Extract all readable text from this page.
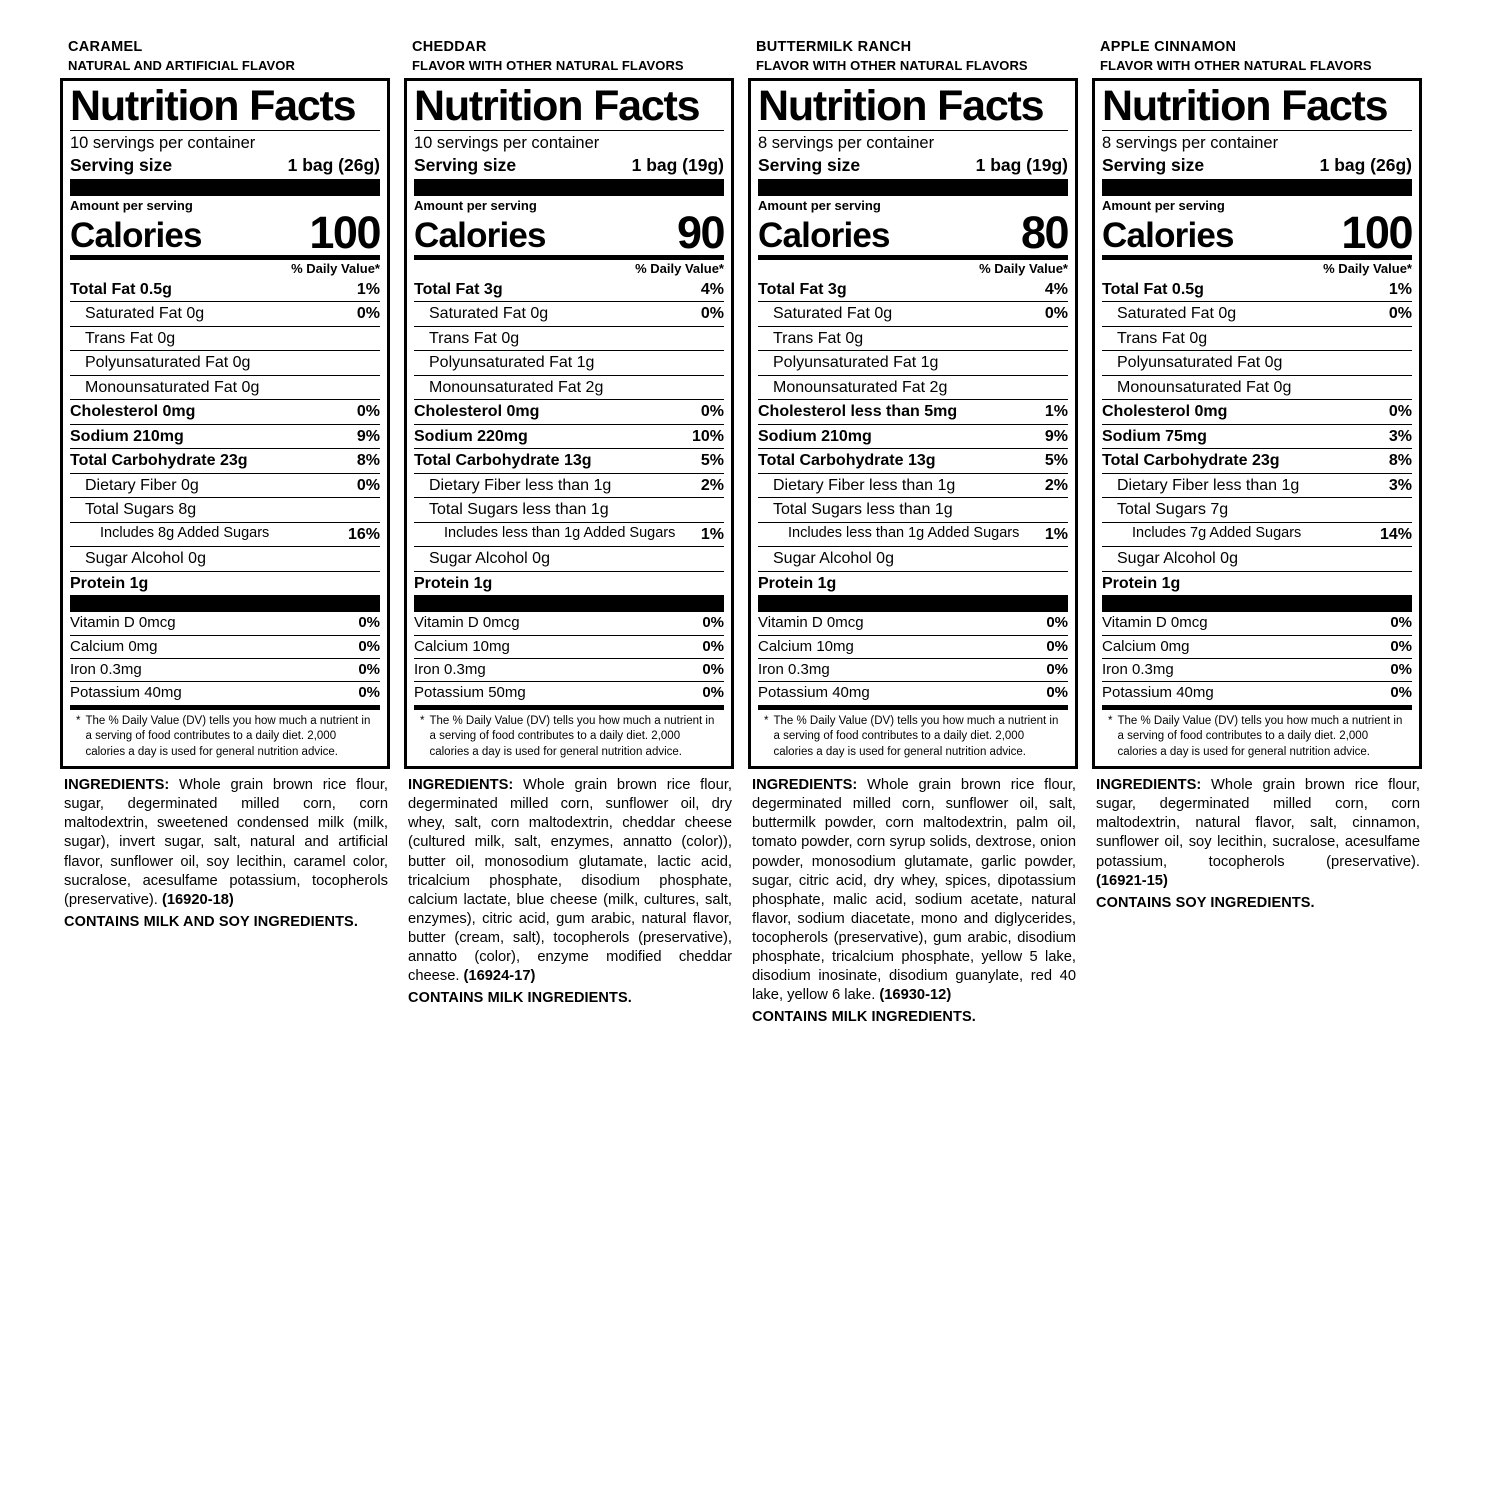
CARAMEL
NATURAL AND ARTIFICIAL FLAVOR
Nutrition Facts
10 servings per container
Serving size	1 bag (26g)
Amount per serving
Calories 100
% Daily Value*
Total Fat 0.5g	1%
Saturated Fat 0g	0%
Trans Fat 0g
Polyunsaturated Fat 0g
Monounsaturated Fat 0g
Cholesterol 0mg	0%
Sodium 210mg	9%
Total Carbohydrate 23g	8%
Dietary Fiber 0g	0%
Total Sugars 8g
Includes 8g Added Sugars	16%
Sugar Alcohol 0g
Protein 1g
Vitamin D 0mcg	0%
Calcium 0mg	0%
Iron 0.3mg	0%
Potassium 40mg	0%
* The % Daily Value (DV) tells you how much a nutrient in a serving of food contributes to a daily diet. 2,000 calories a day is used for general nutrition advice.
INGREDIENTS: Whole grain brown rice flour, sugar, degerminated milled corn, corn maltodextrin, sweetened condensed milk (milk, sugar), invert sugar, salt, natural and artificial flavor, sunflower oil, soy lecithin, caramel color, sucralose, acesulfame potassium, tocopherols (preservative). (16920-18)
CONTAINS MILK AND SOY INGREDIENTS.
CHEDDAR
FLAVOR WITH OTHER NATURAL FLAVORS
Nutrition Facts
10 servings per container
Serving size	1 bag (19g)
Amount per serving
Calories	90
% Daily Value*
Total Fat 3g	4%
Saturated Fat 0g	0%
Trans Fat 0g
Polyunsaturated Fat 1g
Monounsaturated Fat 2g
Cholesterol 0mg	0%
Sodium 220mg	10%
Total Carbohydrate 13g	5%
Dietary Fiber less than 1g	2%
Total Sugars less than 1g
Includes less than 1g Added Sugars	1%
Sugar Alcohol 0g
Protein 1g
Vitamin D 0mcg	0%
Calcium 10mg	0%
Iron 0.3mg	0%
Potassium 50mg	0%
* The % Daily Value (DV) tells you how much a nutrient in a serving of food contributes to a daily diet. 2,000 calories a day is used for general nutrition advice.
INGREDIENTS: Whole grain brown rice flour, degerminated milled corn, sunflower oil, dry whey, salt, corn maltodextrin, cheddar cheese (cultured milk, salt, enzymes, annatto (color)), butter oil, monosodium glutamate, lactic acid, tricalcium phosphate, disodium phosphate, calcium lactate, blue cheese (milk, cultures, salt, enzymes), citric acid, gum arabic, natural flavor, butter (cream, salt), tocopherols (preservative), annatto (color), enzyme modified cheddar cheese. (16924-17)
CONTAINS MILK INGREDIENTS.
BUTTERMILK RANCH
FLAVOR WITH OTHER NATURAL FLAVORS
Nutrition Facts
8 servings per container
Serving size	1 bag (19g)
Amount per serving
Calories	80
% Daily Value*
Total Fat 3g	4%
Saturated Fat 0g	0%
Trans Fat 0g
Polyunsaturated Fat 1g
Monounsaturated Fat 2g
Cholesterol less than 5mg	1%
Sodium 210mg	9%
Total Carbohydrate 13g	5%
Dietary Fiber less than 1g	2%
Total Sugars less than 1g
Includes less than 1g Added Sugars	1%
Sugar Alcohol 0g
Protein 1g
Vitamin D 0mcg	0%
Calcium 10mg	0%
Iron 0.3mg	0%
Potassium 40mg	0%
* The % Daily Value (DV) tells you how much a nutrient in a serving of food contributes to a daily diet. 2,000 calories a day is used for general nutrition advice.
INGREDIENTS: Whole grain brown rice flour, degerminated milled corn, sunflower oil, salt, buttermilk powder, corn maltodextrin, palm oil, tomato powder, corn syrup solids, dextrose, onion powder, monosodium glutamate, garlic powder, sugar, citric acid, dry whey, spices, dipotassium phosphate, malic acid, sodium acetate, natural flavor, sodium diacetate, mono and diglycerides, tocopherols (preservative), gum arabic, disodium phosphate, tricalcium phosphate, yellow 5 lake, disodium inosinate, disodium guanylate, red 40 lake, yellow 6 lake. (16930-12)
CONTAINS MILK INGREDIENTS.
APPLE CINNAMON
FLAVOR WITH OTHER NATURAL FLAVORS
Nutrition Facts
8 servings per container
Serving size	1 bag (26g)
Amount per serving
Calories 100
% Daily Value*
Total Fat 0.5g	1%
Saturated Fat 0g	0%
Trans Fat 0g
Polyunsaturated Fat 0g
Monounsaturated Fat 0g
Cholesterol 0mg	0%
Sodium 75mg	3%
Total Carbohydrate 23g	8%
Dietary Fiber less than 1g	3%
Total Sugars 7g
Includes 7g Added Sugars	14%
Sugar Alcohol 0g
Protein 1g
Vitamin D 0mcg	0%
Calcium 0mg	0%
Iron 0.3mg	0%
Potassium 40mg	0%
* The % Daily Value (DV) tells you how much a nutrient in a serving of food contributes to a daily diet. 2,000 calories a day is used for general nutrition advice.
INGREDIENTS: Whole grain brown rice flour, sugar, degerminated milled corn, corn maltodextrin, natural flavor, salt, cinnamon, sunflower oil, soy lecithin, sucralose, acesulfame potassium, tocopherols (preservative). (16921-15)
CONTAINS SOY INGREDIENTS.
